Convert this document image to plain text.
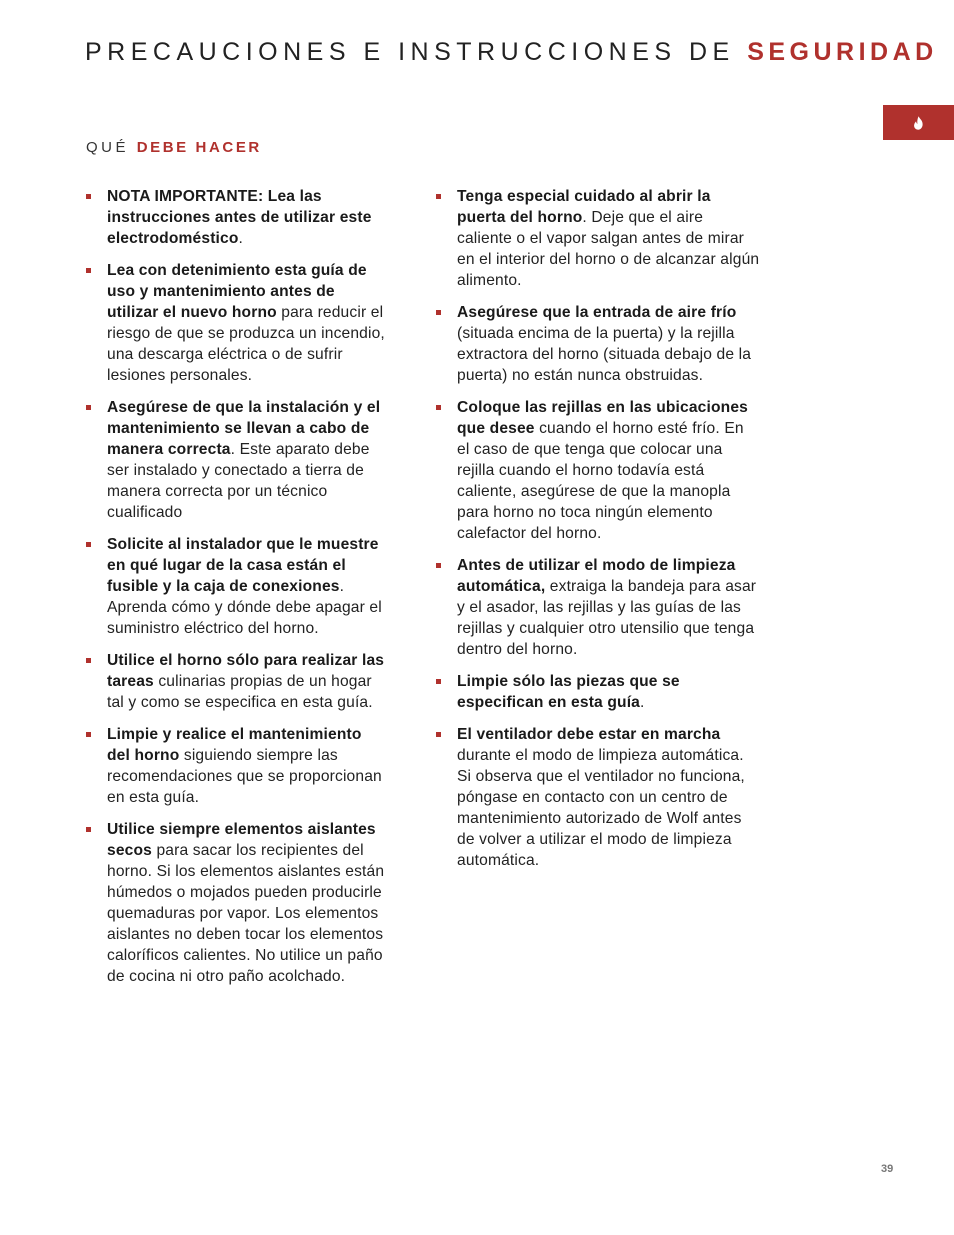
PRECAUCIONES E INSTRUCCIONES DE SEGURIDAD
QUÉ DEBE HACER
NOTA IMPORTANTE: Lea las instrucciones antes de utilizar este electrodoméstico.
Lea con detenimiento esta guía de uso y mantenimiento antes de utilizar el nuevo horno para reducir el riesgo de que se produzca un incendio, una descarga eléctrica o de sufrir lesiones personales.
Asegúrese de que la instalación y el mantenimiento se llevan a cabo de manera correcta. Este aparato debe ser instalado y conectado a tierra de manera correcta por un técnico cualificado
Solicite al instalador que le muestre en qué lugar de la casa están el fusible y la caja de conexiones. Aprenda cómo y dónde debe apagar el suministro eléctrico del horno.
Utilice el horno sólo para realizar las tareas culinarias propias de un hogar tal y como se especifica en esta guía.
Limpie y realice el mantenimiento del horno siguiendo siempre las recomendaciones que se proporcionan en esta guía.
Utilice siempre elementos aislantes secos para sacar los recipientes del horno. Si los elementos aislantes están húmedos o mojados pueden producirle quemaduras por vapor. Los elementos aislantes no deben tocar los elementos caloríficos calientes. No utilice un paño de cocina ni otro paño acolchado.
Tenga especial cuidado al abrir la puerta del horno. Deje que el aire caliente o el vapor salgan antes de mirar en el interior del horno o de alcanzar algún alimento.
Asegúrese que la entrada de aire frío (situada encima de la puerta) y la rejilla extractora del horno (situada debajo de la puerta) no están nunca obstruidas.
Coloque las rejillas en las ubicaciones que desee cuando el horno esté frío. En el caso de que tenga que colocar una rejilla cuando el horno todavía está caliente, asegúrese de que la manopla para horno no toca ningún elemento calefactor del horno.
Antes de utilizar el modo de limpieza automática, extraiga la bandeja para asar y el asador, las rejillas y las guías de las rejillas y cualquier otro utensilio que tenga dentro del horno.
Limpie sólo las piezas que se especifican en esta guía.
El ventilador debe estar en marcha durante el modo de limpieza automática. Si observa que el ventilador no funciona, póngase en contacto con un centro de mantenimiento autorizado de Wolf antes de volver a utilizar el modo de limpieza automática.
39
